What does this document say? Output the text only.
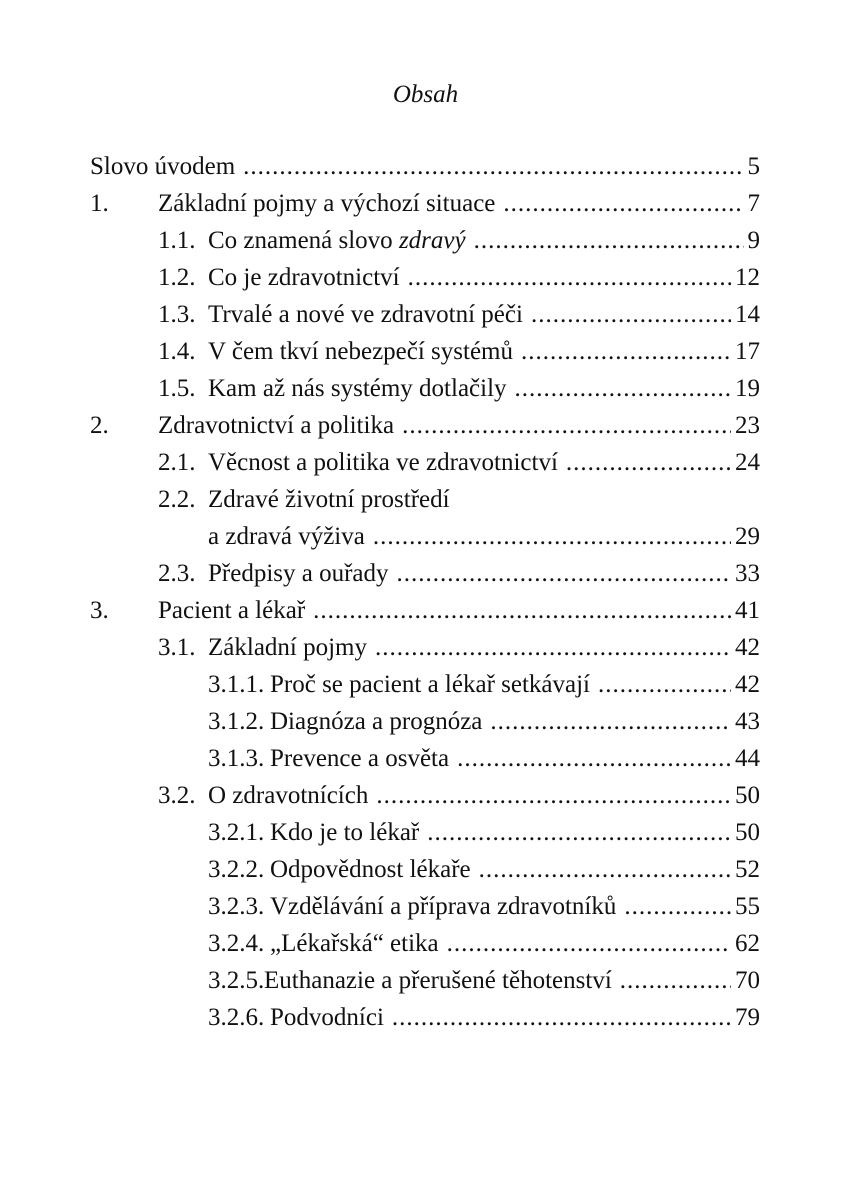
Obsah
Slovo úvodem .....	5
1.	Základní pojmy a výchozí situace .....	7
1.1. Co znamená slovo zdravý .....	9
1.2. Co je zdravotnictví .....	12
1.3. Trvalé a nové ve zdravotní péči .....	14
1.4. V čem tkví nebezpečí systémů .....	17
1.5. Kam až nás systémy dotlačily .....	19
2.	Zdravotnictví a politika .....	23
2.1. Věcnost a politika ve zdravotnictví .....	24
2.2. Zdravé životní prostředí
a zdravá výživa .....	29
2.3. Předpisy a ouřady .....	33
3.	Pacient a lékař .....	41
3.1. Základní pojmy .....	42
3.1.1. Proč se pacient a lékař setkávají .....	42
3.1.2. Diagnóza a prognóza .....	43
3.1.3. Prevence a osvěta .....	44
3.2. O zdravotnících .....	50
3.2.1. Kdo je to lékař .....	50
3.2.2. Odpovědnost lékaře .....	52
3.2.3. Vzdělávání a příprava zdravotníků .....	55
3.2.4. „Lékařská“ etika .....	62
3.2.5. Euthanazie a přerušené těhotenství .....	70
3.2.6. Podvodníci .....	79
